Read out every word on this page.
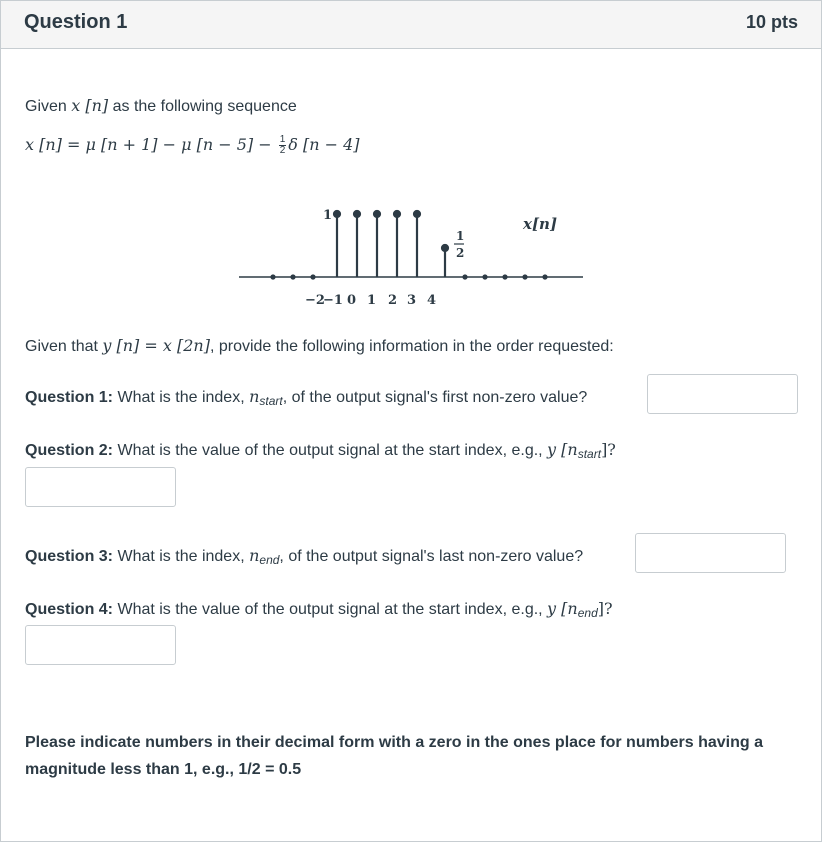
Question 1	10 pts
Given x [n] as the following sequence
x [n] = μ [n + 1] − μ $[n - 5] - \frac{1}{2}$ δ [n − 4]
1
1
2
x[n]
−2
−1 0 1 2 3 4
Given that y [n] = x [2n], provide the following information in the order requested:
Question 1: What is the index, $n_{start}$, of the output signal's first non-zero value?
Question 2: What is the value of the output signal at the start index, e.g., y $[n_{start}]$?
Question 3: What is the index, $n_{end}$, of the output signal's last non-zero value?
Question 4: What is the value of the output signal at the start index, e.g., y $[n_{end}]$?
Please indicate numbers in their decimal form with a zero in the ones place for numbers having a magnitude less than 1, e.g., 1/2 = 0.5
